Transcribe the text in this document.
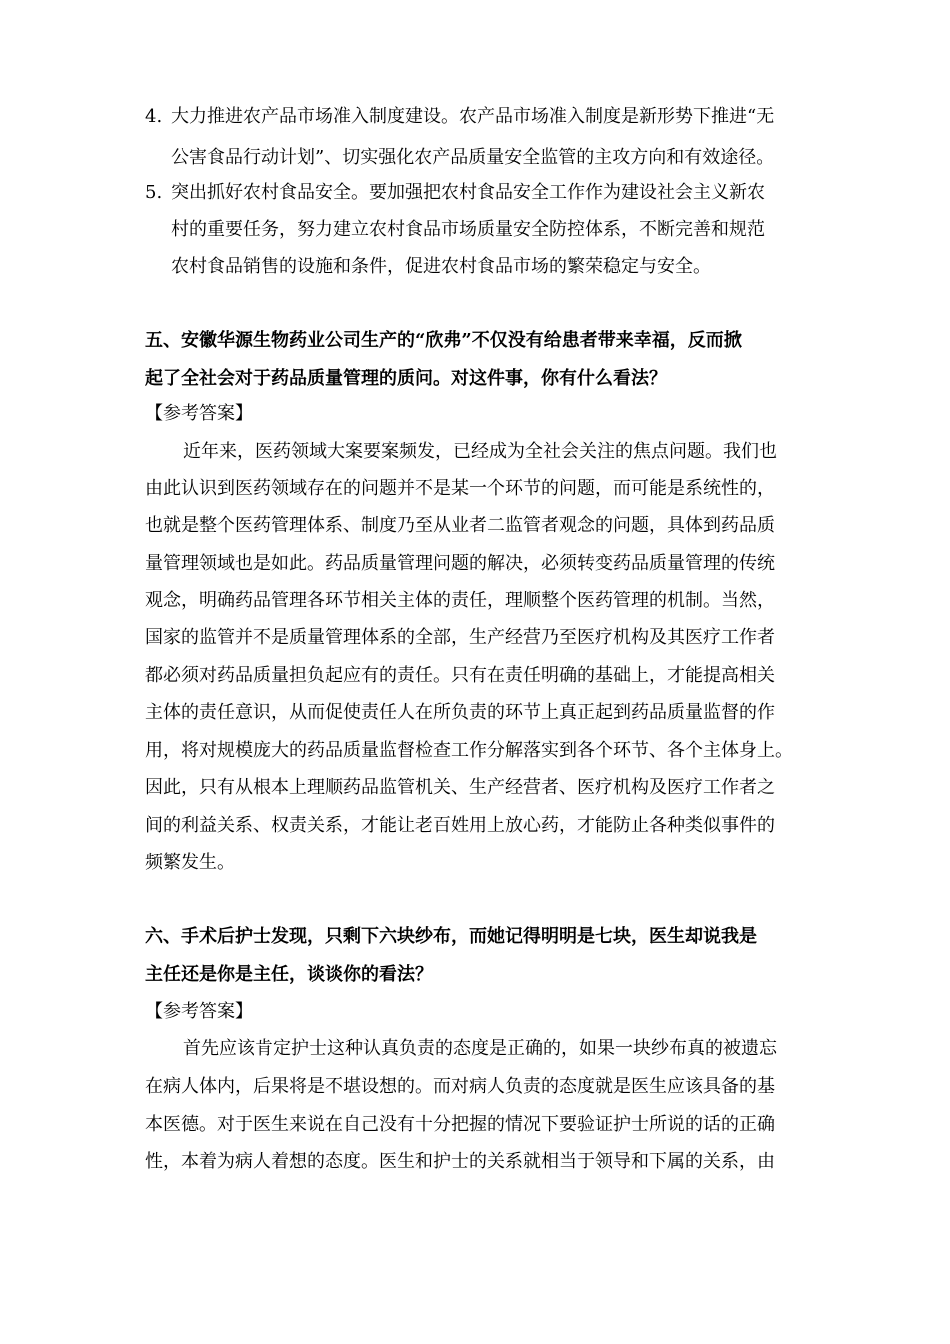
4. 大力推进农产品市场准入制度建设。农产品市场准入制度是新形势下推进“无
公害食品行动计划”、切实强化农产品质量安全监管的主攻方向和有效途径。
5. 突出抓好农村食品安全。要加强把农村食品安全工作作为建设社会主义新农
村的重要任务，努力建立农村食品市场质量安全防控体系，不断完善和规范
农村食品销售的设施和条件，促进农村食品市场的繁荣稳定与安全。
五、安徽华源生物药业公司生产的“欣弗”不仅没有给患者带来幸福，反而掀
起了全社会对于药品质量管理的质问。对这件事，你有什么看法？
【参考答案】
近年来，医药领域大案要案频发，已经成为全社会关注的焦点问题。我们也
由此认识到医药领域存在的问题并不是某一个环节的问题，而可能是系统性的，
也就是整个医药管理体系、制度乃至从业者二监管者观念的问题，具体到药品质
量管理领域也是如此。药品质量管理问题的解决，必须转变药品质量管理的传统
观念，明确药品管理各环节相关主体的责任，理顺整个医药管理的机制。当然，
国家的监管并不是质量管理体系的全部，生产经营乃至医疗机构及其医疗工作者
都必须对药品质量担负起应有的责任。只有在责任明确的基础上，才能提高相关
主体的责任意识，从而促使责任人在所负责的环节上真正起到药品质量监督的作
用，将对规模庞大的药品质量监督检查工作分解落实到各个环节、各个主体身上。
因此，只有从根本上理顺药品监管机关、生产经营者、医疗机构及医疗工作者之
间的利益关系、权责关系，才能让老百姓用上放心药，才能防止各种类似事件的
频繁发生。
六、手术后护士发现，只剩下六块纱布，而她记得明明是七块，医生却说我是
主任还是你是主任，谈谈你的看法？
【参考答案】
首先应该肯定护士这种认真负责的态度是正确的，如果一块纱布真的被遗忘
在病人体内，后果将是不堪设想的。而对病人负责的态度就是医生应该具备的基
本医德。对于医生来说在自己没有十分把握的情况下要验证护士所说的话的正确
性，本着为病人着想的态度。医生和护士的关系就相当于领导和下属的关系，由
